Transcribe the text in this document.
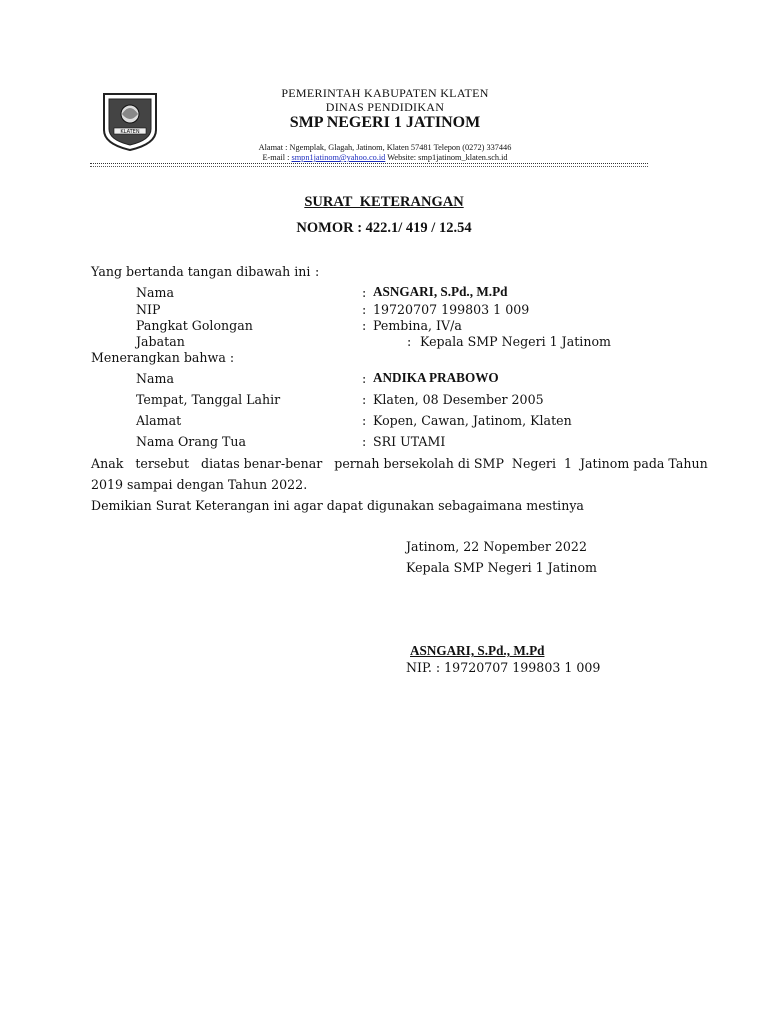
KLATEN
PEMERINTAH KABUPATEN KLATEN
DINAS PENDIDIKAN
SMP NEGERI 1 JATINOM
Alamat : Ngemplak, Glagah, Jatinom, Klaten 57481 Telepon (0272) 337446
E-mail : smpn1jatinom@yahoo.co.id Website: smp1jatinom_klaten.sch.id
SURAT KETERANGAN
NOMOR : 422.1/ 419 / 12.54
Yang bertanda tangan dibawah ini :
Nama	: ASNGARI, S.Pd., M.Pd
NIP	: 19720707 199803 1 009
Pangkat Golongan	: Pembina, IV/a
Jabatan	: Kepala SMP Negeri 1 Jatinom
Menerangkan bahwa :
Nama	: ANDIKA PRABOWO
Tempat, Tanggal Lahir	: Klaten, 08 Desember 2005
Alamat	: Kopen, Cawan, Jatinom, Klaten
Nama Orang Tua	: SRI UTAMI
Anak   tersebut   diatas benar-benar   pernah bersekolah di SMP  Negeri  1  Jatinom pada Tahun
2019 sampai dengan Tahun 2022.
Demikian Surat Keterangan ini agar dapat digunakan sebagaimana mestinya
Jatinom, 22 Nopember 2022
Kepala SMP Negeri 1 Jatinom
ASNGARI, S.Pd., M.Pd
NIP. : 19720707 199803 1 009
